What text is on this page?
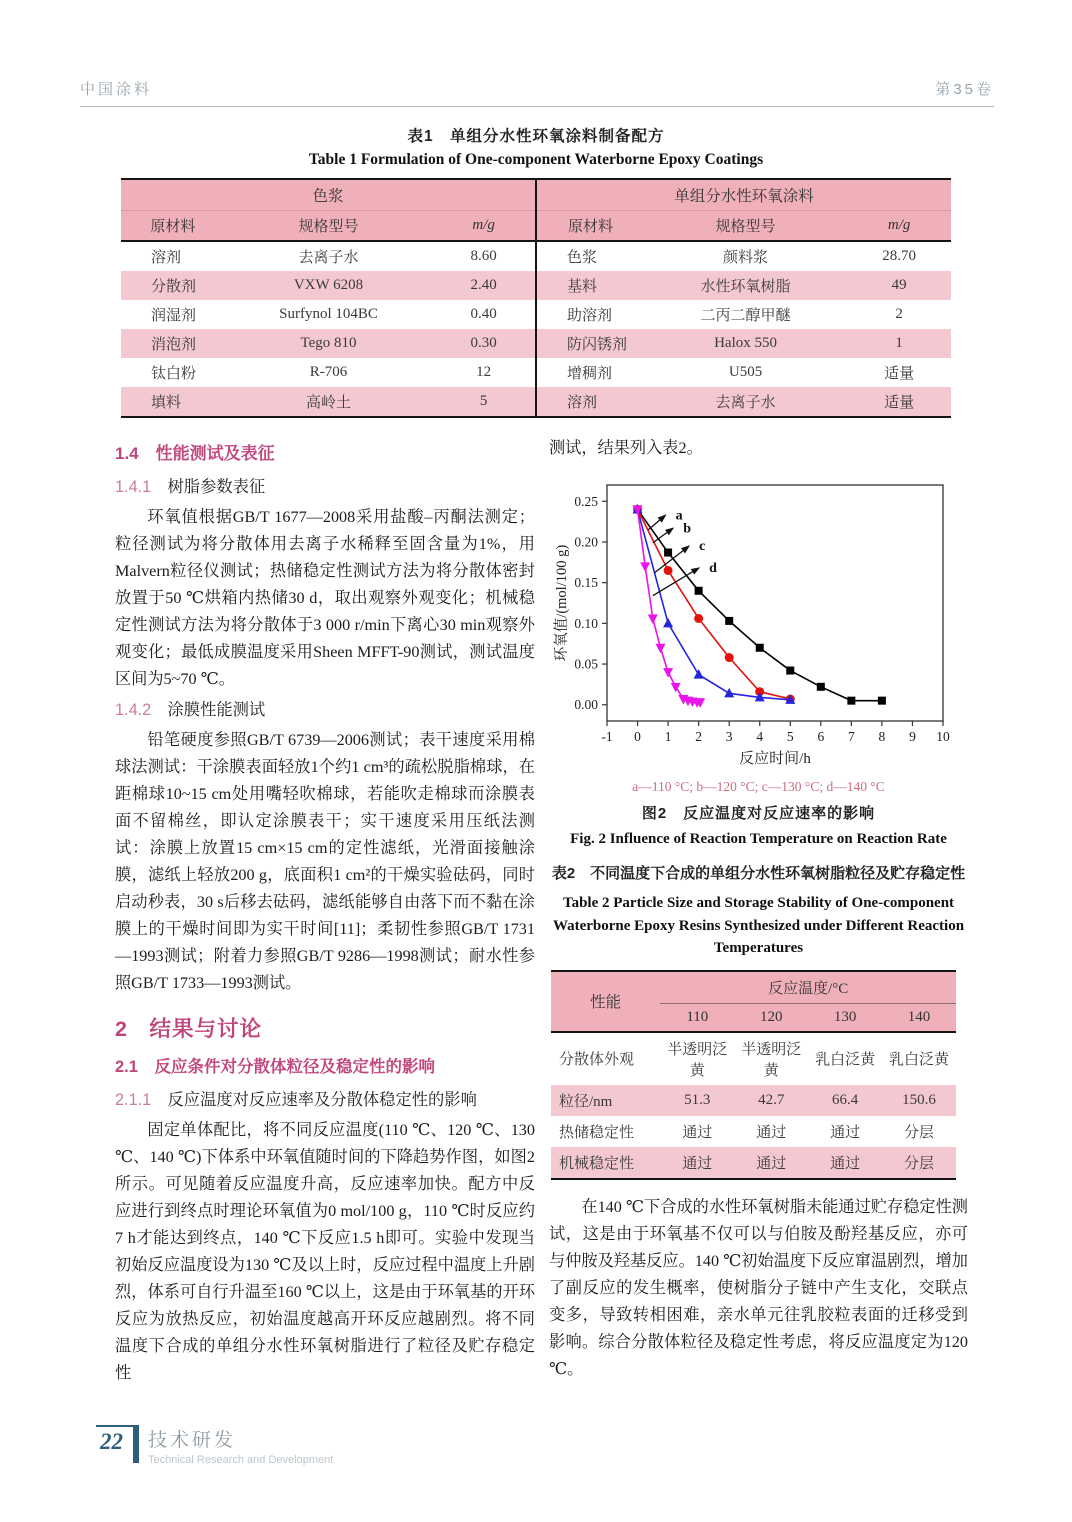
中国涂料	第35卷
表1　单组分水性环氧涂料制备配方
Table 1 Formulation of One-component Waterborne Epoxy Coatings
色浆			单组分水性环氧涂料		
原材料	规格型号	m/g	原材料	规格型号	m/g
溶剂	去离子水	8.60	色浆	颜料浆	28.70
分散剂	VXW 6208	2.40	基料	水性环氧树脂	49
润湿剂	Surfynol 104BC	0.40	助溶剂	二丙二醇甲醚	2
消泡剂	Tego 810	0.30	防闪锈剂	Halox 550	1
钛白粉	R-706	12	增稠剂	U505	适量
填料	高岭土	5	溶剂	去离子水	适量
1.4 性能测试及表征
1.4.1 树脂参数表征

环氧值根据GB/T 1677—2008采用盐酸–丙酮法测定；粒径测试为将分散体用去离子水稀释至固含量为1%，用Malvern粒径仪测试；热储稳定性测试方法为将分散体密封放置于50 ℃烘箱内热储30 d，取出观察外观变化；机械稳定性测试方法为将分散体于3 000 r/min下离心30 min观察外观变化；最低成膜温度采用Sheen MFFT-90测试，测试温度区间为5~70 ℃。

1.4.2 涂膜性能测试

铅笔硬度参照GB/T 6739—2006测试；表干速度采用棉球法测试：干涂膜表面轻放1个约1 cm³的疏松脱脂棉球，在距棉球10~15 cm处用嘴轻吹棉球，若能吹走棉球而涂膜表面不留棉丝，即认定涂膜表干；实干速度采用压纸法测试：涂膜上放置15 cm×15 cm的定性滤纸，光滑面接触涂膜，滤纸上轻放200 g，底面积1 cm²的干燥实验砝码，同时启动秒表，30 s后移去砝码，滤纸能够自由落下而不黏在涂膜上的干燥时间即为实干时间[11]；柔韧性参照GB/T 1731—1993测试；附着力参照GB/T 9286—1998测试；耐水性参照GB/T 1733—1993测试。

2 结果与讨论
2.1 反应条件对分散体粒径及稳定性的影响
2.1.1 反应温度对反应速率及分散体稳定性的影响

固定单体配比，将不同反应温度(110 ℃、120 ℃、130 ℃、140 ℃)下体系中环氧值随时间的下降趋势作图，如图2所示。可见随着反应温度升高，反应速率加快。配方中反应进行到终点时理论环氧值为0 mol/100 g，110 ℃时反应约7 h才能达到终点，140 ℃下反应1.5 h即可。实验中发现当初始反应温度设为130 ℃及以上时，反应过程中温度上升剧烈，体系可自行升温至160 ℃以上，这是由于环氧基的开环反应为放热反应，初始温度越高开环反应越剧烈。将不同温度下合成的单组分水性环氧树脂进行了粒径及贮存稳定性

测试，结果列入表2。

-1 0 1 2 3 4 5 6 7 8 9 10
0.00
0.05
0.10
0.15
0.20
0.25
反应时间/h
环氧值/(mol/100 g)
a
b
c
d
a—110 °C; b—120 °C; c—130 °C; d—140 °C
图2　反应温度对反应速率的影响
Fig. 2 Influence of Reaction Temperature on Reaction Rate
表2　不同温度下合成的单组分水性环氧树脂粒径及贮存稳定性
Table 2 Particle Size and Storage Stability of One-component Waterborne Epoxy Resins Synthesized under Different Reaction Temperatures
性能	反应温度/°C			
	110	120	130	140
分散体外观	半透明泛黄	半透明泛黄	乳白泛黄	乳白泛黄
粒径/nm	51.3	42.7	66.4	150.6
热储稳定性	通过	通过	通过	分层
机械稳定性	通过	通过	通过	分层

在140 ℃下合成的水性环氧树脂未能通过贮存稳定性测试，这是由于环氧基不仅可以与伯胺及酚羟基反应，亦可与仲胺及羟基反应。140 ℃初始温度下反应窜温剧烈，增加了副反应的发生概率，使树脂分子链中产生支化，交联点变多，导致转相困难，亲水单元往乳胶粒表面的迁移受到影响。综合分散体粒径及稳定性考虑，将反应温度定为120 ℃。

22	技术研发
Technical Research and Development
